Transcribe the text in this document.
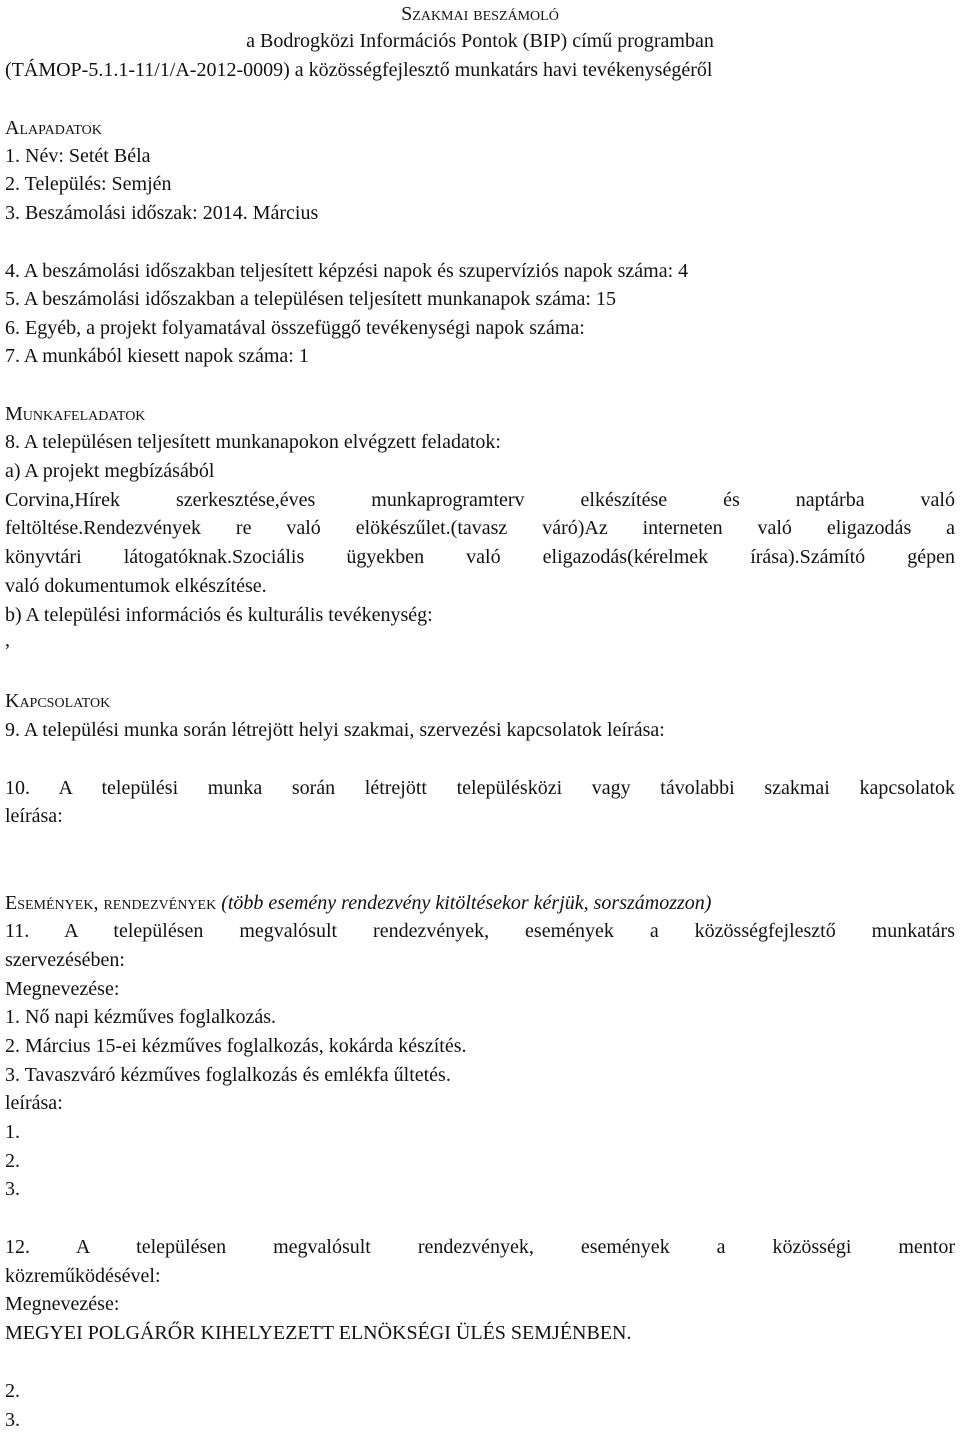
Szakmai beszámoló
a Bodrogközi Információs Pontok (BIP) című programban
(TÁMOP-5.1.1-11/1/A-2012-0009) a közösségfejlesztő munkatárs havi tevékenységéről
Alapadatok
1. Név: Setét Béla
2. Település: Semjén
3. Beszámolási időszak: 2014. Március
4. A beszámolási időszakban teljesített képzési napok és szupervíziós napok száma: 4
5. A beszámolási időszakban a településen teljesített munkanapok száma: 15
6. Egyéb, a projekt folyamatával összefüggő tevékenységi napok száma:
7. A munkából kiesett napok száma: 1
Munkafeladatok
8. A településen teljesített munkanapokon elvégzett feladatok:
a) A projekt megbízásából
Corvina,Hírek szerkesztése,éves munkaprogramterv elkészítése és naptárba való
feltöltése.Rendezvények re való elökészűlet.(tavasz váró)Az interneten való eligazodás a
könyvtári látogatóknak.Szociális ügyekben való eligazodás(kérelmek írása).Számító gépen
való dokumentumok elkészítése.
b) A települési információs és kulturális tevékenység:
,
Kapcsolatok
9. A települési munka során létrejött helyi szakmai, szervezési kapcsolatok leírása:
10. A települési munka során létrejött településközi vagy távolabbi szakmai kapcsolatok
leírása:
Események, rendezvények (több esemény rendezvény kitöltésekor kérjük, sorszámozzon)
11. A településen megvalósult rendezvények, események a közösségfejlesztő munkatárs
szervezésében:
Megnevezése:
1. Nő napi kézműves foglalkozás.
2. Március 15-ei kézműves foglalkozás, kokárda készítés.
3. Tavaszváró kézműves foglalkozás és emlékfa űltetés.
leírása:
1.
2.
3.
12. A településen megvalósult rendezvények, események a közösségi mentor
közreműködésével:
Megnevezése:
MEGYEI POLGÁRŐR KIHELYEZETT ELNÖKSÉGI ÜLÉS SEMJÉNBEN.
2.
3.
